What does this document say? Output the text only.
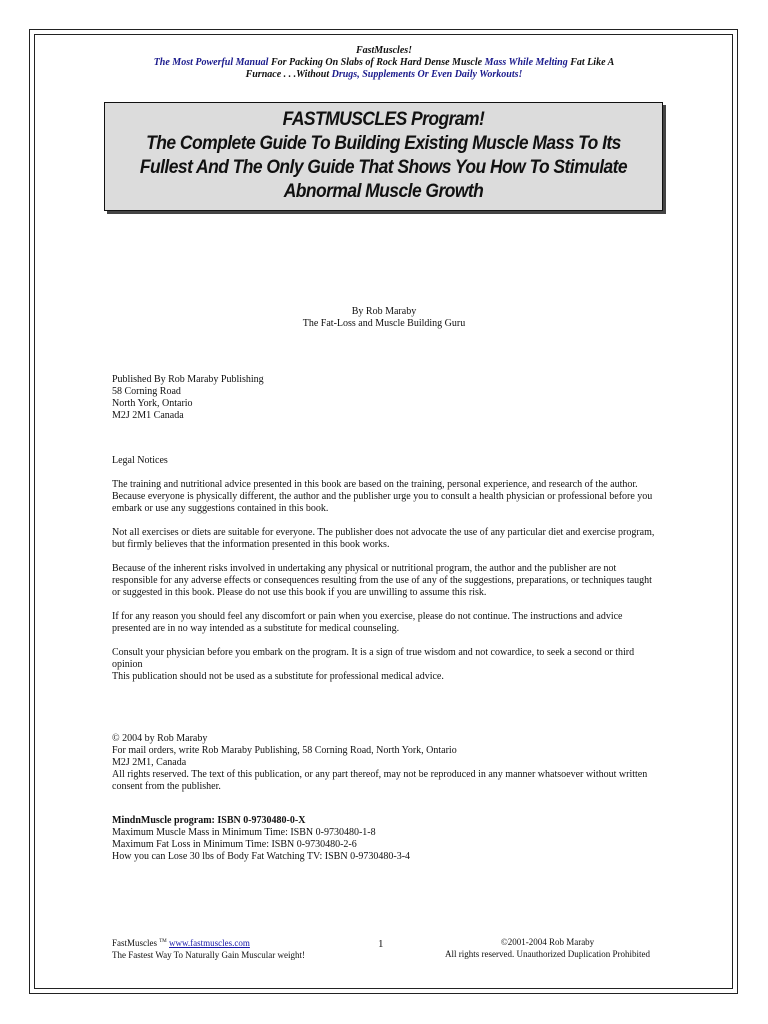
FastMuscles!
The Most Powerful Manual For Packing On Slabs of Rock Hard Dense Muscle Mass While Melting Fat Like A
Furnace . . .Without Drugs, Supplements Or Even Daily Workouts!
FASTMUSCLES Program!
The Complete Guide To Building Existing Muscle Mass To Its
Fullest And The Only Guide That Shows You How To Stimulate
Abnormal Muscle Growth
By Rob Maraby
The Fat-Loss and Muscle Building Guru
Published By Rob Maraby Publishing
58 Corning Road
North York, Ontario
M2J 2M1 Canada

Legal Notices

The training and nutritional advice presented in this book are based on the training, personal experience, and research of the author. Because everyone is physically different, the author and the publisher urge you to consult a health physician or professional before you embark or use any suggestions contained in this book.

Not all exercises or diets are suitable for everyone. The publisher does not advocate the use of any particular diet and exercise program, but firmly believes that the information presented in this book works.

Because of the inherent risks involved in undertaking any physical or nutritional program, the author and the publisher are not responsible for any adverse effects or consequences resulting from the use of any of the suggestions, preparations, or techniques taught or suggested in this book. Please do not use this book if you are unwilling to assume this risk.

If for any reason you should feel any discomfort or pain when you exercise, please do not continue. The instructions and advice presented are in no way intended as a substitute for medical counseling.

Consult your physician before you embark on the program. It is a sign of true wisdom and not cowardice, to seek a second or third opinion

This publication should not be used as a substitute for professional medical advice.

© 2004 by Rob Maraby
For mail orders, write Rob Maraby Publishing, 58 Corning Road, North York, Ontario
M2J 2M1, Canada
All rights reserved. The text of this publication, or any part thereof, may not be reproduced in any manner whatsoever without written consent from the publisher.
MindnMuscle program: ISBN 0-9730480-0-X
Maximum Muscle Mass in Minimum Time: ISBN 0-9730480-1-8
Maximum Fat Loss in Minimum Time: ISBN 0-9730480-2-6
How you can Lose 30 lbs of Body Fat Watching TV: ISBN 0-9730480-3-4
FastMuscles ™ www.fastmuscles.com
The Fastest Way To Naturally Gain Muscular weight!
1	©2001-2004 Rob Maraby
All rights reserved. Unauthorized Duplication Prohibited
